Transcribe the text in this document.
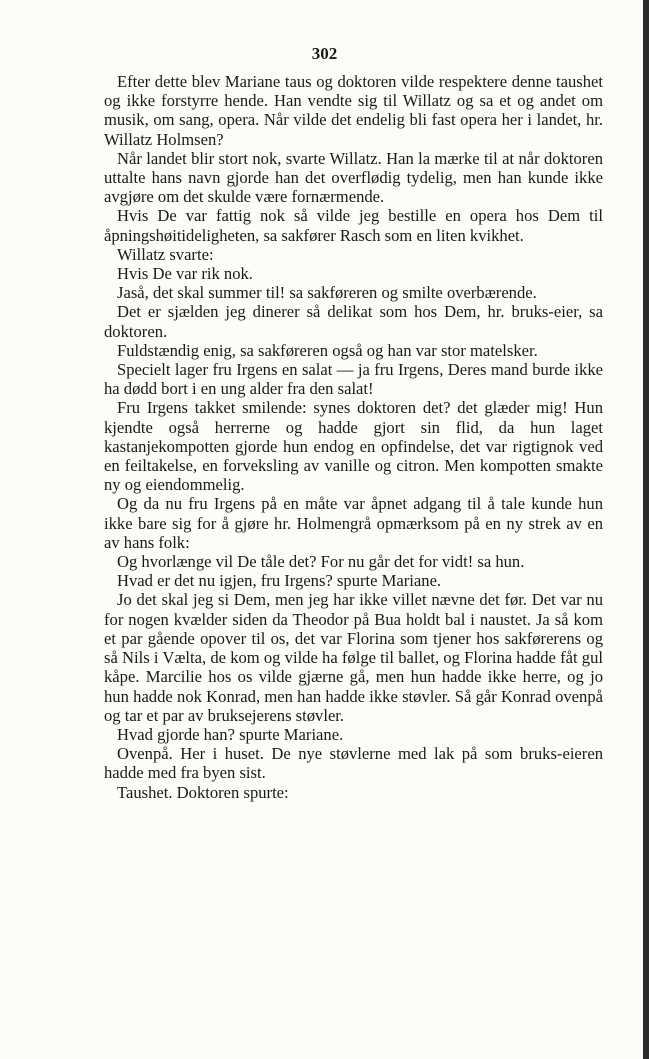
302

Efter dette blev Mariane taus og doktoren vilde respektere denne taushet og ikke forstyrre hende. Han vendte sig til Willatz og sa et og andet om musik, om sang, opera. Når vilde det endelig bli fast opera her i landet, hr. Willatz Holmsen?

Når landet blir stort nok, svarte Willatz. Han la mærke til at når doktoren uttalte hans navn gjorde han det overflødig tydelig, men han kunde ikke avgjøre om det skulde være fornærmende.

Hvis De var fattig nok så vilde jeg bestille en opera hos Dem til åpningshøitideligheten, sa sakfører Rasch som en liten kvikhet.

Willatz svarte:

Hvis De var rik nok.

Jaså, det skal summer til! sa sakføreren og smilte overbærende.

Det er sjælden jeg dinerer så delikat som hos Dem, hr. bruks-eier, sa doktoren.

Fuldstændig enig, sa sakføreren også og han var stor matelsker.

Specielt lager fru Irgens en salat — ja fru Irgens, Deres mand burde ikke ha dødd bort i en ung alder fra den salat!

Fru Irgens takket smilende: synes doktoren det? det glæder mig! Hun kjendte også herrerne og hadde gjort sin flid, da hun laget kastanjekompotten gjorde hun endog en opfindelse, det var rigtignok ved en feiltakelse, en forveksling av vanille og citron. Men kompotten smakte ny og eiendommelig.

Og da nu fru Irgens på en måte var åpnet adgang til å tale kunde hun ikke bare sig for å gjøre hr. Holmengrå opmærksom på en ny strek av en av hans folk:

Og hvorlænge vil De tåle det? For nu går det for vidt! sa hun.

Hvad er det nu igjen, fru Irgens? spurte Mariane.

Jo det skal jeg si Dem, men jeg har ikke villet nævne det før. Det var nu for nogen kvælder siden da Theodor på Bua holdt bal i naustet. Ja så kom et par gående opover til os, det var Florina som tjener hos sakførerens og så Nils i Vælta, de kom og vilde ha følge til ballet, og Florina hadde fåt gul kåpe. Marcilie hos os vilde gjærne gå, men hun hadde ikke herre, og jo hun hadde nok Konrad, men han hadde ikke støvler. Så går Konrad ovenpå og tar et par av bruksejerens støvler.

Hvad gjorde han? spurte Mariane.

Ovenpå. Her i huset. De nye støvlerne med lak på som bruks-eieren hadde med fra byen sist.

Taushet. Doktoren spurte:
